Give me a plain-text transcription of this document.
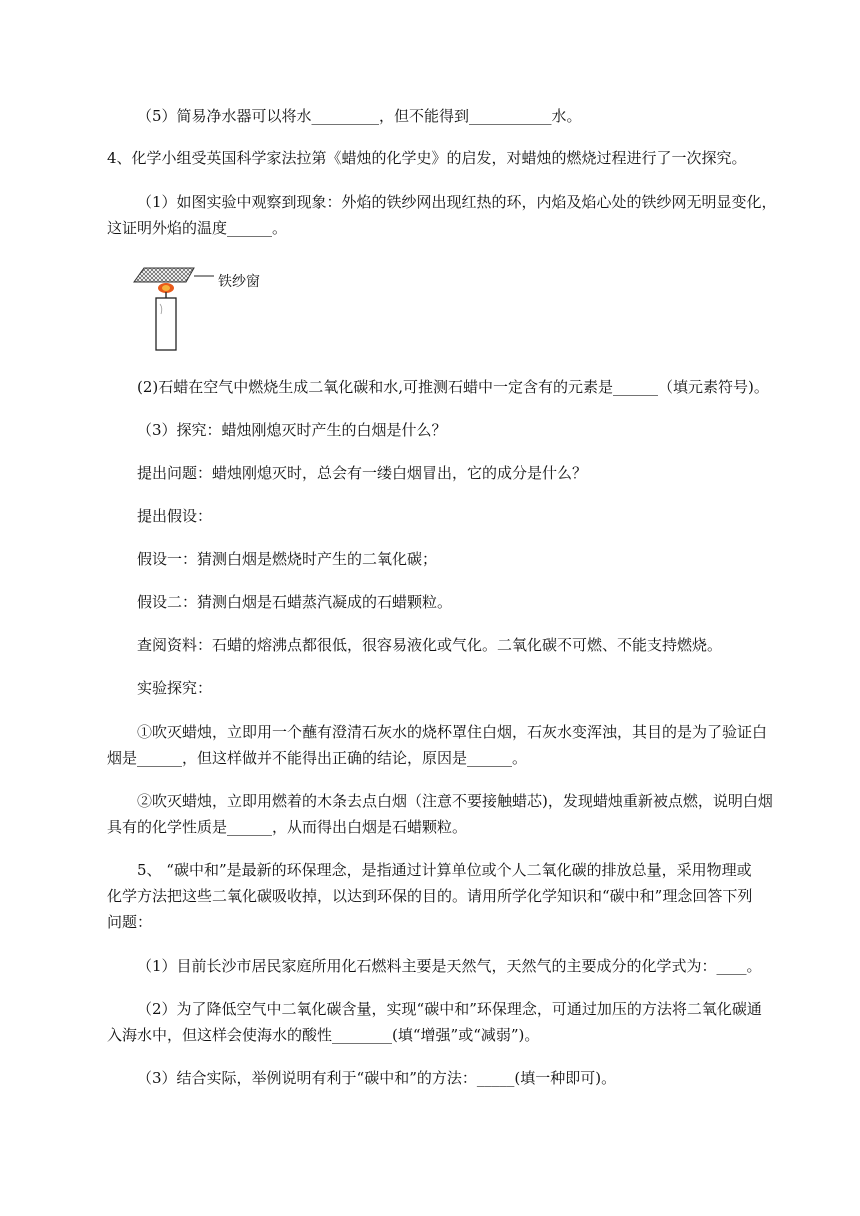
（5）简易净水器可以将水_________，但不能得到___________水。
4、化学小组受英国科学家法拉第《蜡烛的化学史》的启发，对蜡烛的燃烧过程进行了一次探究。
（1）如图实验中观察到现象：外焰的铁纱网出现红热的环，内焰及焰心处的铁纱网无明显变化，
这证明外焰的温度______。
铁纱窗
(2)石蜡在空气中燃烧生成二氧化碳和水,可推测石蜡中一定含有的元素是______（填元素符号)。
（3）探究：蜡烛刚熄灭时产生的白烟是什么？
提出问题：蜡烛刚熄灭时，总会有一缕白烟冒出，它的成分是什么？
提出假设：
假设一：猜测白烟是燃烧时产生的二氧化碳；
假设二：猜测白烟是石蜡蒸汽凝成的石蜡颗粒。
查阅资料：石蜡的熔沸点都很低，很容易液化或气化。二氧化碳不可燃、不能支持燃烧。
实验探究：
①吹灭蜡烛，立即用一个蘸有澄清石灰水的烧杯罩住白烟，石灰水变浑浊，其目的是为了验证白
烟是______，但这样做并不能得出正确的结论，原因是______。
②吹灭蜡烛，立即用燃着的木条去点白烟（注意不要接触蜡芯)，发现蜡烛重新被点燃，说明白烟
具有的化学性质是______，从而得出白烟是石蜡颗粒。
5、 “碳中和”是最新的环保理念，是指通过计算单位或个人二氧化碳的排放总量，采用物理或
化学方法把这些二氧化碳吸收掉，以达到环保的目的。请用所学化学知识和“碳中和”理念回答下列
问题：
（1）目前长沙市居民家庭所用化石燃料主要是天然气，天然气的主要成分的化学式为：____。
（2）为了降低空气中二氧化碳含量，实现“碳中和”环保理念，可通过加压的方法将二氧化碳通
入海水中，但这样会使海水的酸性________(填“增强”或“减弱”)。
（3）结合实际，举例说明有利于“碳中和”的方法：_____(填一种即可)。
